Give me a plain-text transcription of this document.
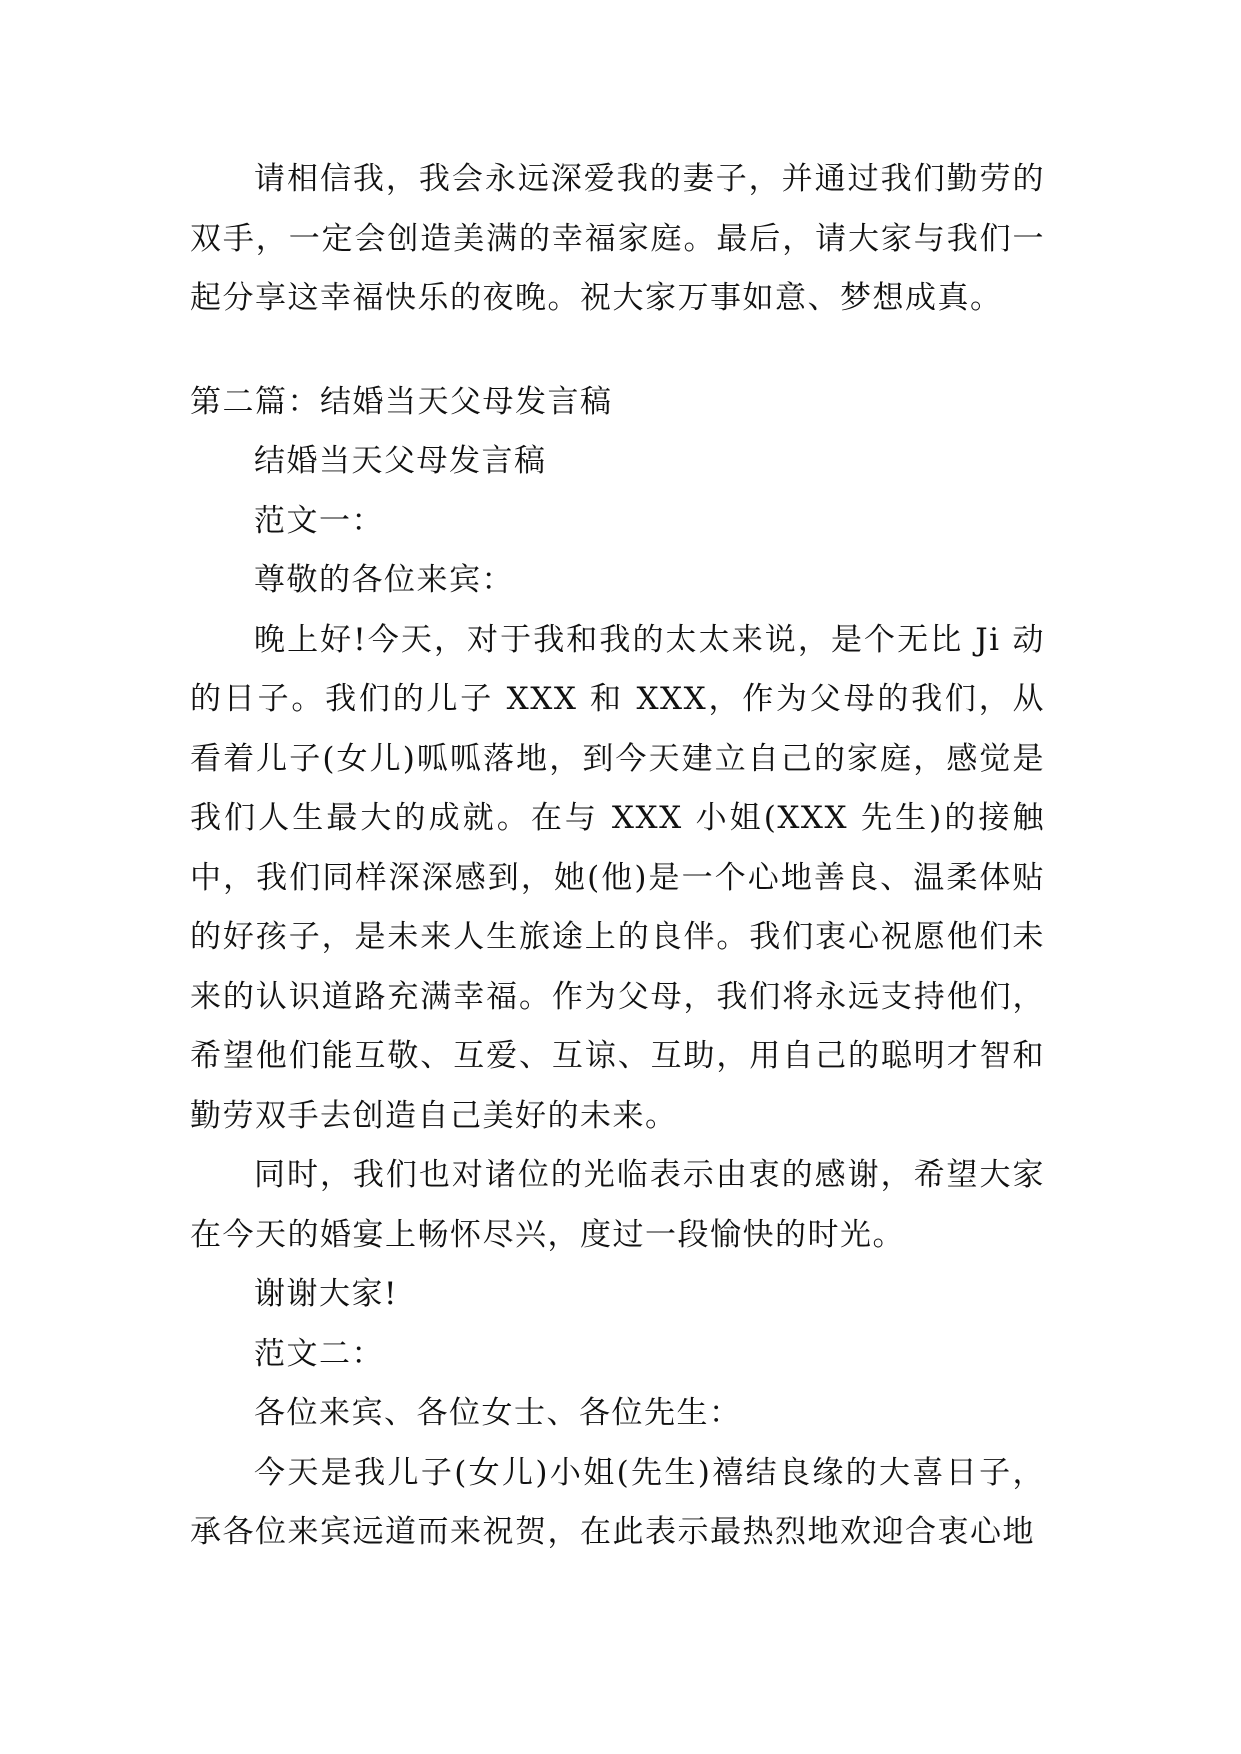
请相信我，我会永远深爱我的妻子，并通过我们勤劳的双手，一定会创造美满的幸福家庭。最后，请大家与我们一起分享这幸福快乐的夜晚。祝大家万事如意、梦想成真。

第二篇：结婚当天父母发言稿

结婚当天父母发言稿

范文一：

尊敬的各位来宾：

晚上好!今天，对于我和我的太太来说，是个无比 Ji 动的日子。我们的儿子 XXX 和 XXX，作为父母的我们，从看着儿子(女儿)呱呱落地，到今天建立自己的家庭，感觉是我们人生最大的成就。在与 XXX 小姐(XXX 先生)的接触中，我们同样深深感到，她(他)是一个心地善良、温柔体贴的好孩子，是未来人生旅途上的良伴。我们衷心祝愿他们未来的认识道路充满幸福。作为父母，我们将永远支持他们，希望他们能互敬、互爱、互谅、互助，用自己的聪明才智和勤劳双手去创造自己美好的未来。

同时，我们也对诸位的光临表示由衷的感谢，希望大家在今天的婚宴上畅怀尽兴，度过一段愉快的时光。

谢谢大家!

范文二：

各位来宾、各位女士、各位先生：

今天是我儿子(女儿)小姐(先生)禧结良缘的大喜日子，承各位来宾远道而来祝贺，在此表示最热烈地欢迎合衷心地
